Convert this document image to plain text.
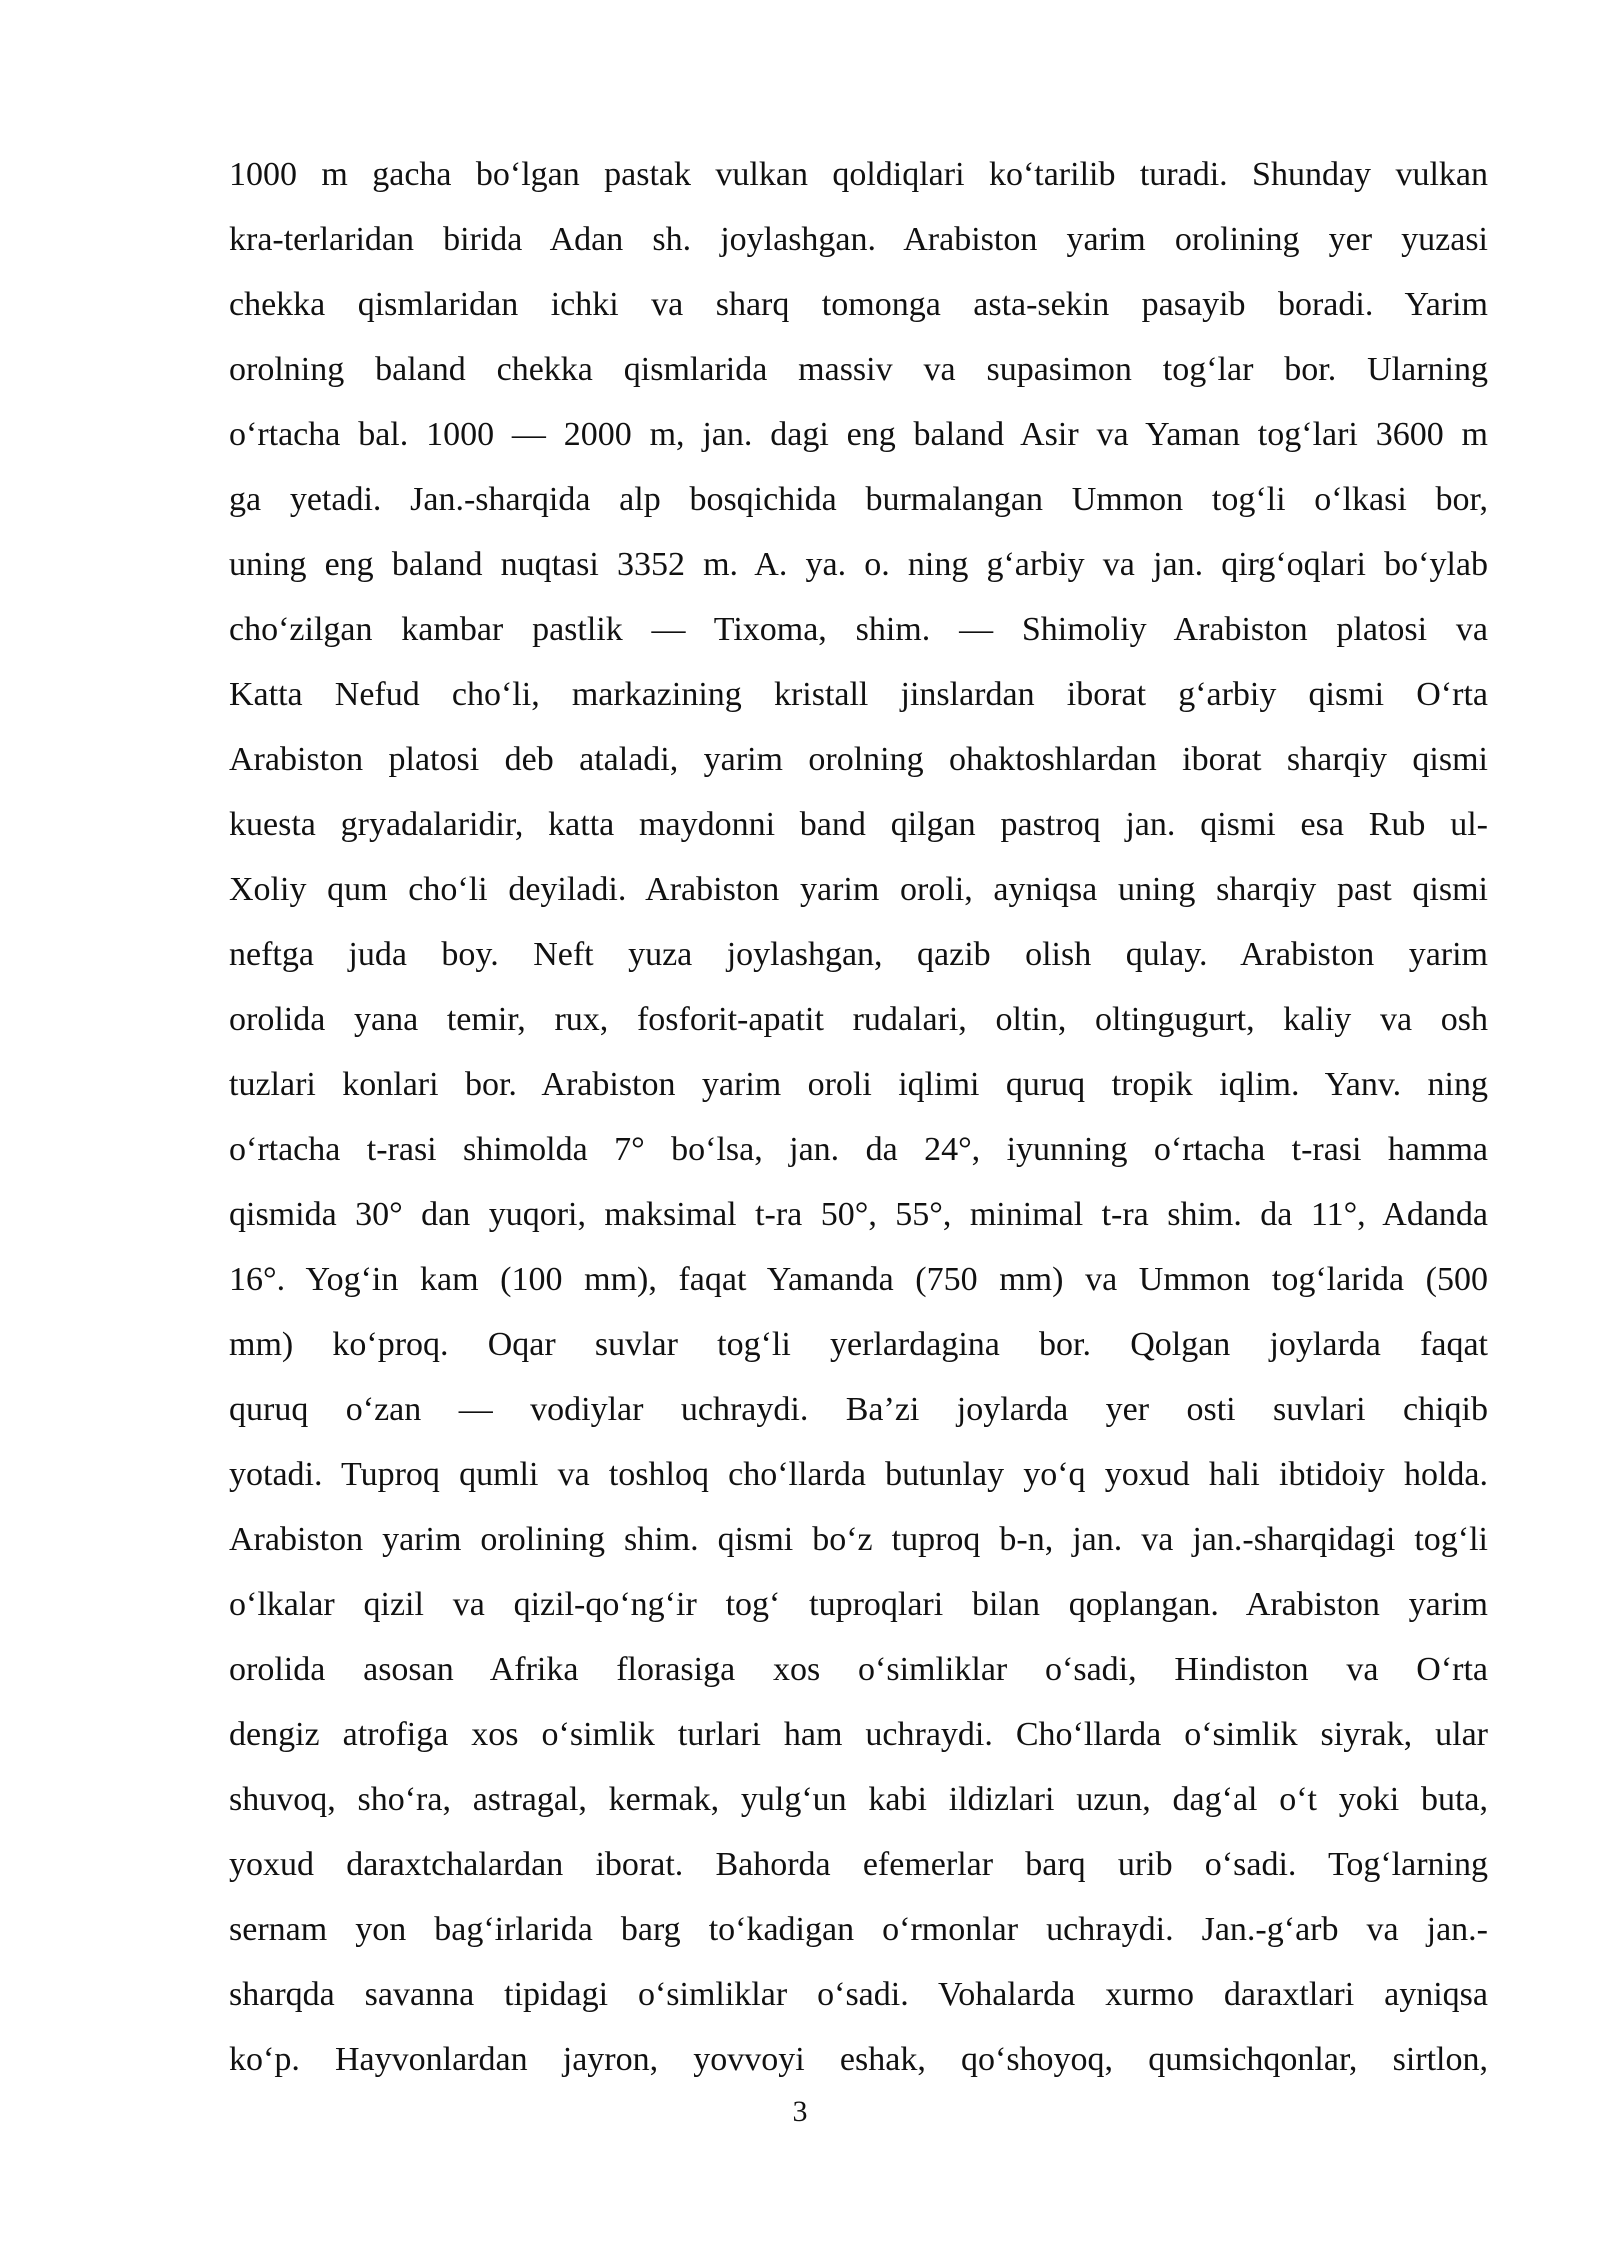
1000 m gacha bo‘lgan pastak vulkan qoldiqlari ko‘tarilib turadi. Shunday vulkan
kra-terlaridan birida Adan sh. joylashgan. Arabiston yarim orolining yer yuzasi
chekka qismlaridan ichki va sharq tomonga asta-sekin pasayib boradi. Yarim
orolning baland chekka qismlarida massiv va supasimon tog‘lar bor. Ularning
o‘rtacha bal. 1000 — 2000 m, jan. dagi eng baland Asir va Yaman tog‘lari 3600 m
ga yetadi. Jan.-sharqida alp bosqichida burmalangan Ummon tog‘li o‘lkasi bor,
uning eng baland nuqtasi 3352 m. A. ya. o. ning g‘arbiy va jan. qirg‘oqlari bo‘ylab
cho‘zilgan kambar pastlik — Tixoma, shim. — Shimoliy Arabiston platosi va
Katta Nefud cho‘li, markazining kristall jinslardan iborat g‘arbiy qismi O‘rta
Arabiston platosi deb ataladi, yarim orolning ohaktoshlardan iborat sharqiy qismi
kuesta gryadalaridir, katta maydonni band qilgan pastroq jan. qismi esa Rub ul-
Xoliy qum cho‘li deyiladi. Arabiston yarim oroli, ayniqsa uning sharqiy past qismi
neftga juda boy. Neft yuza joylashgan, qazib olish qulay. Arabiston yarim
orolida yana temir, rux, fosforit-apatit rudalari, oltin, oltingugurt, kaliy va osh
tuzlari konlari bor. Arabiston yarim oroli iqlimi quruq tropik iqlim. Yanv. ning
o‘rtacha t-rasi shimolda 7° bo‘lsa, jan. da 24°, iyunning o‘rtacha t-rasi hamma
qismida 30° dan yuqori, maksimal t-ra 50°, 55°, minimal t-ra shim. da 11°, Adanda
16°. Yog‘in kam (100 mm), faqat Yamanda (750 mm) va Ummon tog‘larida (500
mm) ko‘proq. Oqar suvlar tog‘li yerlardagina bor. Qolgan joylarda faqat
quruq o‘zan — vodiylar uchraydi. Ba’zi joylarda yer osti suvlari chiqib
yotadi. Tuproq qumli va toshloq cho‘llarda butunlay yo‘q yoxud hali ibtidoiy holda.
Arabiston yarim orolining shim. qismi bo‘z tuproq b-n, jan. va jan.-sharqidagi tog‘li
o‘lkalar qizil va qizil-qo‘ng‘ir tog‘ tuproqlari bilan qoplangan. Arabiston yarim
orolida asosan Afrika florasiga xos o‘simliklar o‘sadi, Hindiston va O‘rta
dengiz atrofiga xos o‘simlik turlari ham uchraydi. Cho‘llarda o‘simlik siyrak, ular
shuvoq, sho‘ra, astragal, kermak, yulg‘un kabi ildizlari uzun, dag‘al o‘t yoki buta,
yoxud daraxtchalardan iborat. Bahorda efemerlar barq urib o‘sadi. Tog‘larning
sernam yon bag‘irlarida barg to‘kadigan o‘rmonlar uchraydi. Jan.-g‘arb va jan.-
sharqda savanna tipidagi o‘simliklar o‘sadi. Vohalarda xurmo daraxtlari ayniqsa
ko‘p. Hayvonlardan jayron, yovvoyi eshak, qo‘shoyoq, qumsichqonlar, sirtlon,
3
